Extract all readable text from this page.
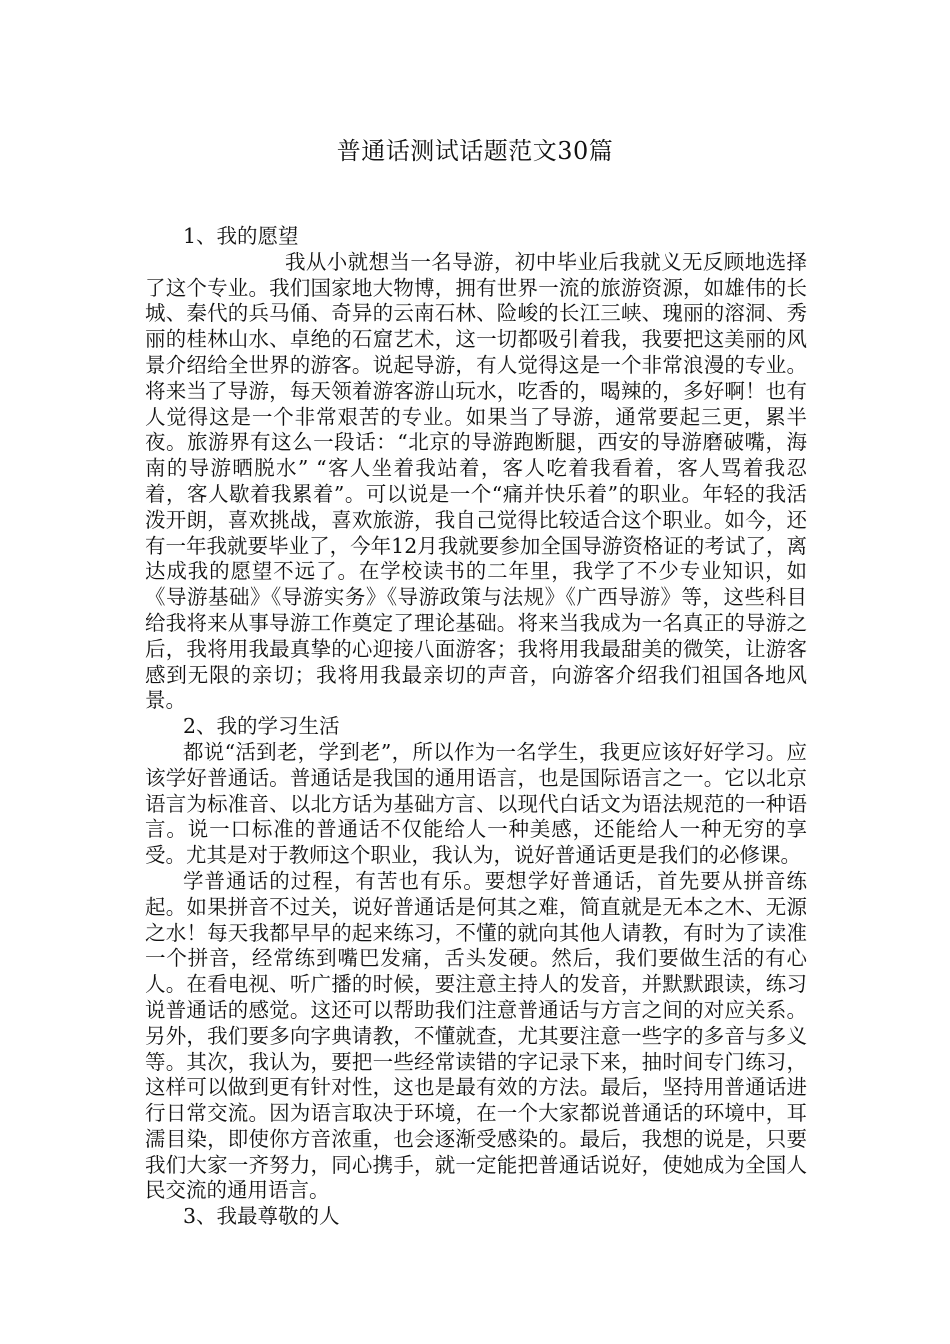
普通话测试话题范文30篇
1、我的愿望
我从小就想当一名导游，初中毕业后我就义无反顾地选择了这个专业。我们国家地大物博，拥有世界一流的旅游资源，如雄伟的长城、秦代的兵马俑、奇异的云南石林、险峻的长江三峡、瑰丽的溶洞、秀丽的桂林山水、卓绝的石窟艺术，这一切都吸引着我，我要把这美丽的风景介绍给全世界的游客。说起导游，有人觉得这是一个非常浪漫的专业。将来当了导游，每天领着游客游山玩水，吃香的，喝辣的，多好啊！也有人觉得这是一个非常艰苦的专业。如果当了导游，通常要起三更，累半夜。旅游界有这么一段话：“北京的导游跑断腿，西安的导游磨破嘴，海南的导游晒脱水” “客人坐着我站着，客人吃着我看着，客人骂着我忍着，客人歇着我累着”。可以说是一个“痛并快乐着”的职业。年轻的我活泼开朗，喜欢挑战，喜欢旅游，我自己觉得比较适合这个职业。如今，还有一年我就要毕业了，今年12月我就要参加全国导游资格证的考试了，离达成我的愿望不远了。在学校读书的二年里，我学了不少专业知识，如《导游基础》《导游实务》《导游政策与法规》《广西导游》等，这些科目给我将来从事导游工作奠定了理论基础。将来当我成为一名真正的导游之后，我将用我最真挚的心迎接八面游客；我将用我最甜美的微笑，让游客感到无限的亲切；我将用我最亲切的声音，向游客介绍我们祖国各地风景。
2、我的学习生活
都说“活到老，学到老”，所以作为一名学生，我更应该好好学习。应该学好普通话。普通话是我国的通用语言，也是国际语言之一。它以北京语言为标准音、以北方话为基础方言、以现代白话文为语法规范的一种语言。说一口标准的普通话不仅能给人一种美感，还能给人一种无穷的享受。尤其是对于教师这个职业，我认为，说好普通话更是我们的必修课。
学普通话的过程，有苦也有乐。要想学好普通话，首先要从拼音练起。如果拼音不过关，说好普通话是何其之难，简直就是无本之木、无源之水！每天我都早早的起来练习，不懂的就向其他人请教，有时为了读准一个拼音，经常练到嘴巴发痛，舌头发硬。然后，我们要做生活的有心人。在看电视、听广播的时候，要注意主持人的发音，并默默跟读，练习说普通话的感觉。这还可以帮助我们注意普通话与方言之间的对应关系。另外，我们要多向字典请教，不懂就查，尤其要注意一些字的多音与多义等。其次，我认为，要把一些经常读错的字记录下来，抽时间专门练习，这样可以做到更有针对性，这也是最有效的方法。最后，坚持用普通话进行日常交流。因为语言取决于环境，在一个大家都说普通话的环境中，耳濡目染，即使你方音浓重，也会逐渐受感染的。最后，我想的说是，只要我们大家一齐努力，同心携手，就一定能把普通话说好，使她成为全国人民交流的通用语言。
3、我最尊敬的人
